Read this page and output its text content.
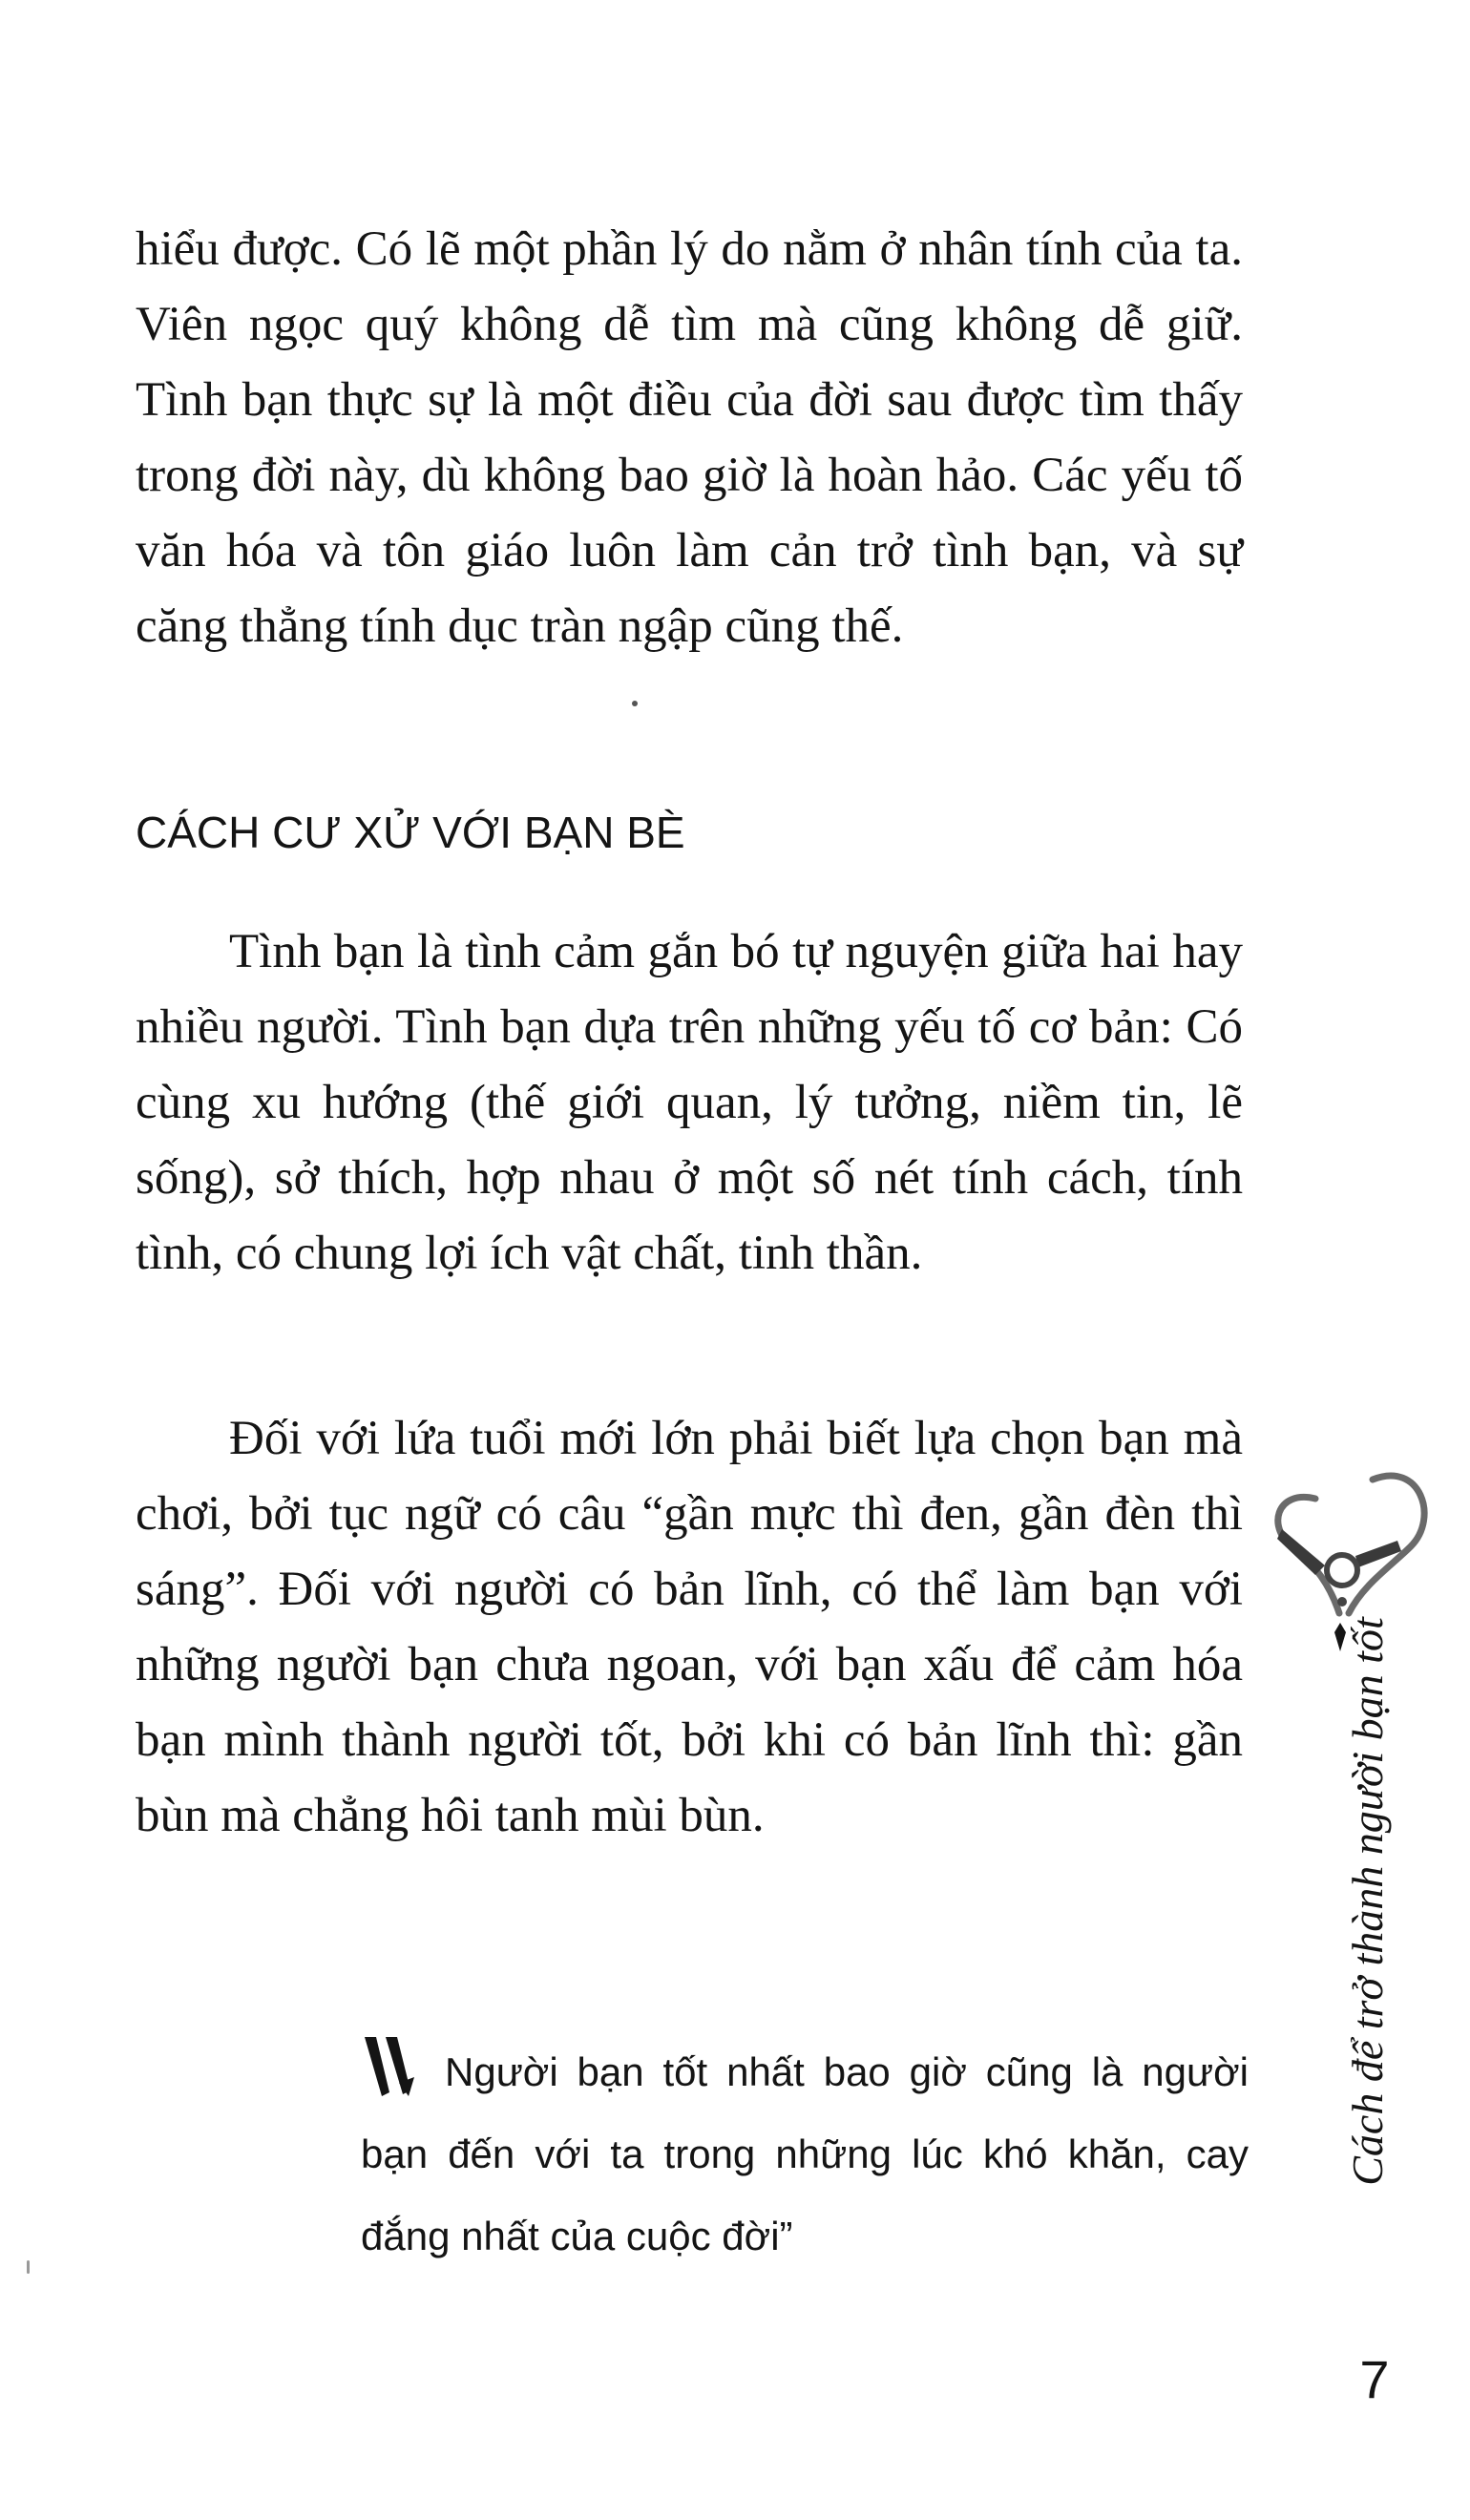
hiểu được. Có lẽ một phần lý do nằm ở nhân tính của ta. Viên ngọc quý không dễ tìm mà cũng không dễ giữ. Tình bạn thực sự là một điều của đời sau được tìm thấy trong đời này, dù không bao giờ là hoàn hảo. Các yếu tố văn hóa và tôn giáo luôn làm cản trở tình bạn, và sự căng thẳng tính dục tràn ngập cũng thế.

CÁCH CƯ XỬ VỚI BẠN BÈ

Tình bạn là tình cảm gắn bó tự nguyện giữa hai hay nhiều người. Tình bạn dựa trên những yếu tố cơ bản: Có cùng xu hướng (thế giới quan, lý tưởng, niềm tin, lẽ sống), sở thích, hợp nhau ở một số nét tính cách, tính tình, có chung lợi ích vật chất, tinh thần.

Đối với lứa tuổi mới lớn phải biết lựa chọn bạn mà chơi, bởi tục ngữ có câu “gần mực thì đen, gần đèn thì sáng”. Đối với người có bản lĩnh, có thể làm bạn với những người bạn chưa ngoan, với bạn xấu để cảm hóa bạn mình thành người tốt, bởi khi có bản lĩnh thì: gần bùn mà chẳng hôi tanh mùi bùn.

Người bạn tốt nhất bao giờ cũng là người bạn đến với ta trong những lúc khó khăn, cay đắng nhất của cuộc đời”

Cách để trở thành người bạn tốt
7
